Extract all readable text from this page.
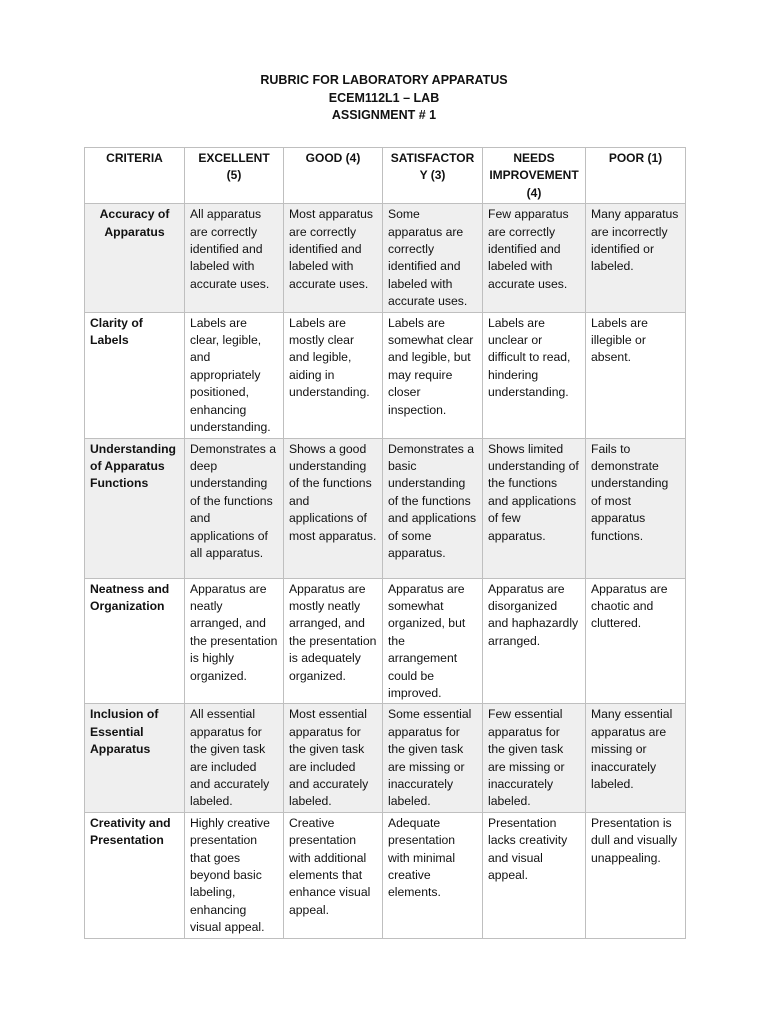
RUBRIC FOR LABORATORY APPARATUS
ECEM112L1 – LAB
ASSIGNMENT # 1
CRITERIA	EXCELLENT (5)	GOOD (4)	SATISFACTORY (3)	NEEDS IMPROVEMENT (4)	POOR (1)
Accuracy of Apparatus	All apparatus are correctly identified and labeled with accurate uses.	Most apparatus are correctly identified and labeled with accurate uses.	Some apparatus are correctly identified and labeled with accurate uses.	Few apparatus are correctly identified and labeled with accurate uses.	Many apparatus are incorrectly identified or labeled.
Clarity of Labels	Labels are clear, legible, and appropriately positioned, enhancing understanding.	Labels are mostly clear and legible, aiding in understanding.	Labels are somewhat clear and legible, but may require closer inspection.	Labels are unclear or difficult to read, hindering understanding.	Labels are illegible or absent.
Understanding of Apparatus Functions	Demonstrates a deep understanding of the functions and applications of all apparatus.	Shows a good understanding of the functions and applications of most apparatus.	Demonstrates a basic understanding of the functions and applications of some apparatus.	Shows limited understanding of the functions and applications of few apparatus.	Fails to demonstrate understanding of most apparatus functions.
Neatness and Organization	Apparatus are neatly arranged, and the presentation is highly organized.	Apparatus are mostly neatly arranged, and the presentation is adequately organized.	Apparatus are somewhat organized, but the arrangement could be improved.	Apparatus are disorganized and haphazardly arranged.	Apparatus are chaotic and cluttered.
Inclusion of Essential Apparatus	All essential apparatus for the given task are included and accurately labeled.	Most essential apparatus for the given task are included and accurately labeled.	Some essential apparatus for the given task are missing or inaccurately labeled.	Few essential apparatus for the given task are missing or inaccurately labeled.	Many essential apparatus are missing or inaccurately labeled.
Creativity and Presentation	Highly creative presentation that goes beyond basic labeling, enhancing visual appeal.	Creative presentation with additional elements that enhance visual appeal.	Adequate presentation with minimal creative elements.	Presentation lacks creativity and visual appeal.	Presentation is dull and visually unappealing.
